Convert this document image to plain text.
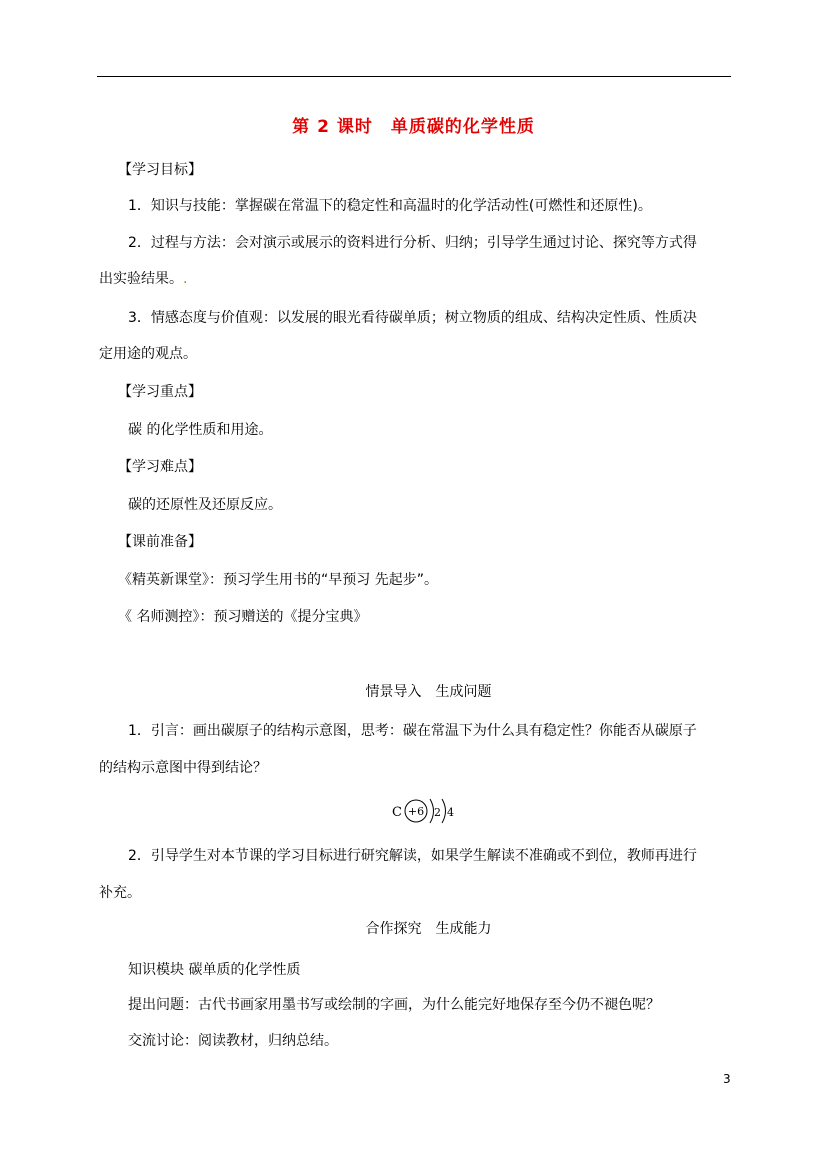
第 2 课时　单质碳的化学性质
【学习目标】
1．知识与技能：掌握碳在常温下的稳定性和高温时的化学活动性(可燃性和还原性)。
2．过程与方法：会对演示或展示的资料进行分析、归纳；引导学生通过讨论、探究等方式得
出实验结果。.
3．情感态度与价值观：以发展的眼光看待碳单质；树立物质的组成、结构决定性质、性质决
定用途的观点。
【学习重点】
碳 的化学性质和用途。
【学习难点】
碳的还原性及还原反应。
【课前准备】
《精英新课堂》：预习学生用书的“早预习 先起步”。
《 名师测控》：预习赠送的《提分宝典》
情景导入　生成问题
1．引言：画出碳原子的结构示意图，思考：碳在常温下为什么具有稳定性？你能否从碳原子
的结构示意图中得到结论？
C +6 2 4
2．引导学生对本节课的学习目标进行研究解读，如果学生解读不准确或不到位，教师再进行
补充。
合作探究　生成能力
知识模块 碳单质的化学性质
提出问题：古代书画家用墨书写或绘制的字画，为什么能完好地保存至今仍不褪色呢？
交流讨论：阅读教材，归纳总结。
3
